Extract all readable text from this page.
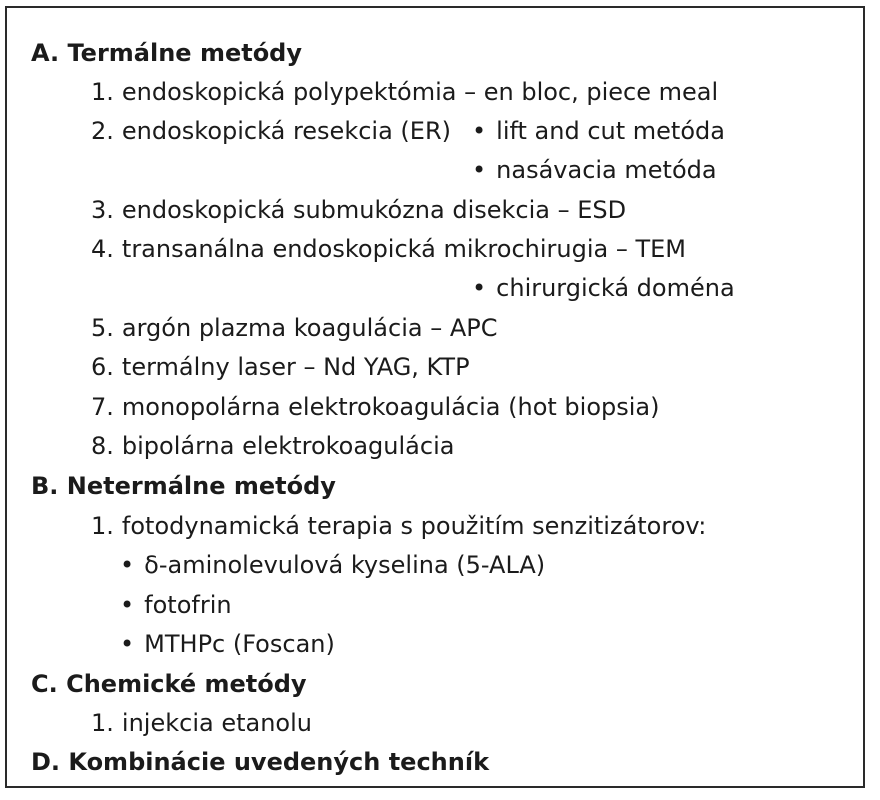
A. Termálne metódy
1. endoskopická polypektómia – en bloc, piece meal
2. endoskopická resekcia (ER) • lift and cut metóda
• nasávacia metóda
3. endoskopická submukózna disekcia – ESD
4. transanálna endoskopická mikrochirugia – TEM
• chirurgická doména
5. argón plazma koagulácia – APC
6. termálny laser – Nd YAG, KTP
7. monopolárna elektrokoagulácia (hot biopsia)
8. bipolárna elektrokoagulácia
B. Netermálne metódy
1. fotodynamická terapia s použitím senzitizátorov:
• δ-aminolevulová kyselina (5-ALA)
• fotofrin
• MTHPc (Foscan)
C. Chemické metódy
1. injekcia etanolu
D. Kombinácie uvedených techník
